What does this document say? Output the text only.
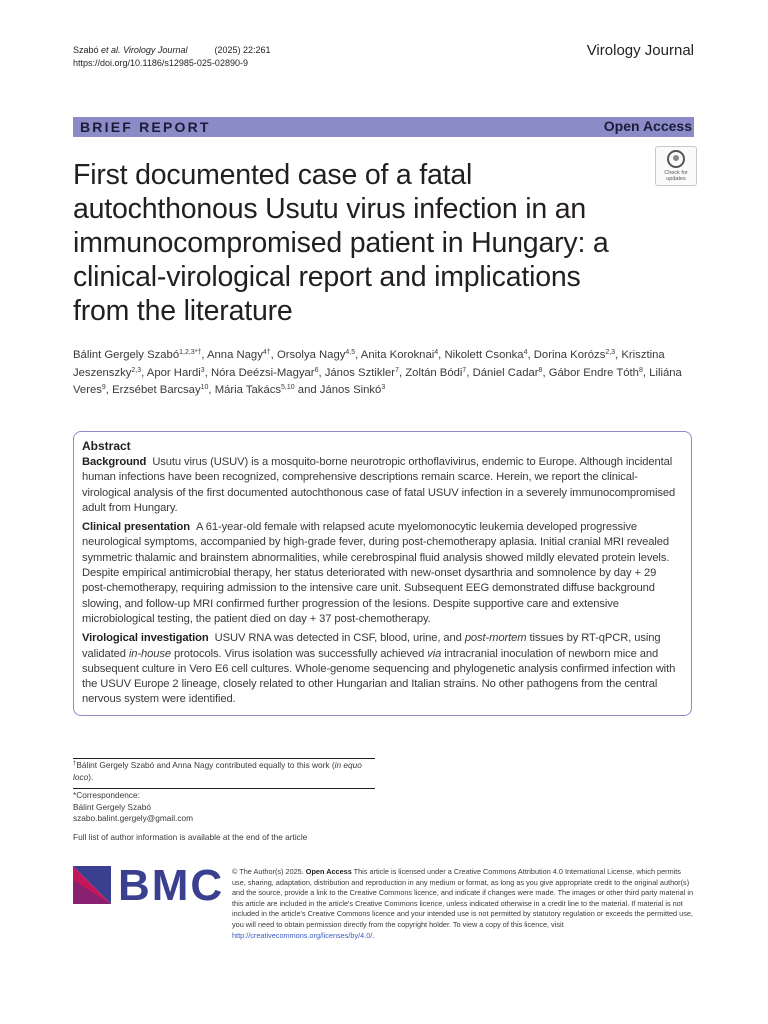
Szabó et al. Virology Journal	(2025) 22:261
https://doi.org/10.1186/s12985-025-02890-9
Virology Journal
BRIEF REPORT	Open Access
Check for
updates
First documented case of a fatal autochthonous Usutu virus infection in an immunocompromised patient in Hungary: a clinical-virological report and implications from the literature
Bálint Gergely Szabó$^{1,2,3*\dagger}$, Anna Nagy$^{4\dagger}$, Orsolya Nagy$^{4,5}$, Anita Koroknai$^4$, Nikolett Csonka$^4$, Dorina Korózs$^{2,3}$, Krisztina Jeszenszky$^{2,3}$, Apor Hardi$^3$, Nóra Deézsi-Magyar$^6$, János Sztikler$^7$, Zoltán Bódi$^7$, Dániel Cadar$^8$, Gábor Endre Tóth$^8$, Liliána Veres$^9$, Erzsébet Barcsay$^{10}$, Mária Takács$^{5,10}$ and János Sinkó$^3$
Abstract

Background Usutu virus (USUV) is a mosquito-borne neurotropic orthoflavivirus, endemic to Europe. Although incidental human infections have been recognized, comprehensive descriptions remain scarce. Herein, we report the clinical-virological analysis of the first documented autochthonous case of fatal USUV infection in a severely immunocompromised adult from Hungary.

Clinical presentation A 61-year-old female with relapsed acute myelomonocytic leukemia developed progressive neurological symptoms, accompanied by high-grade fever, during post-chemotherapy aplasia. Initial cranial MRI revealed symmetric thalamic and brainstem abnormalities, while cerebrospinal fluid analysis showed mildly elevated protein levels. Despite empirical antimicrobial therapy, her status deteriorated with new-onset dysarthria and somnolence by day + 29 post-chemotherapy, requiring admission to the intensive care unit. Subsequent EEG demonstrated diffuse background slowing, and follow-up MRI confirmed further progression of the lesions. Despite supportive care and extensive microbiological testing, the patient died on day + 37 post-chemotherapy.

Virological investigation USUV RNA was detected in CSF, blood, urine, and post-mortem tissues by RT-qPCR, using validated in-house protocols. Virus isolation was successfully achieved via intracranial inoculation of newborn mice and subsequent culture in Vero E6 cell cultures. Whole-genome sequencing and phylogenetic analysis confirmed infection with the USUV Europe 2 lineage, closely related to other Hungarian and Italian strains. No other pathogens from the central nervous system were identified.

†Bálint Gergely Szabó and Anna Nagy contributed equally to this work (in equo loco).
*Correspondence:
Bálint Gergely Szabó
szabo.balint.gergely@gmail.com
Full list of author information is available at the end of the article
BMC © The Author(s) 2025. Open Access This article is licensed under a Creative Commons Attribution 4.0 International License, which permits use, sharing, adaptation, distribution and reproduction in any medium or format, as long as you give appropriate credit to the original author(s) and the source, provide a link to the Creative Commons licence, and indicate if changes were made. The images or other third party material in this article are included in the article's Creative Commons licence, unless indicated otherwise in a credit line to the material. If material is not included in the article's Creative Commons licence and your intended use is not permitted by statutory regulation or exceeds the permitted use, you will need to obtain permission directly from the copyright holder. To view a copy of this licence, visit http://creativecommons.org/licenses/by/4.0/.
